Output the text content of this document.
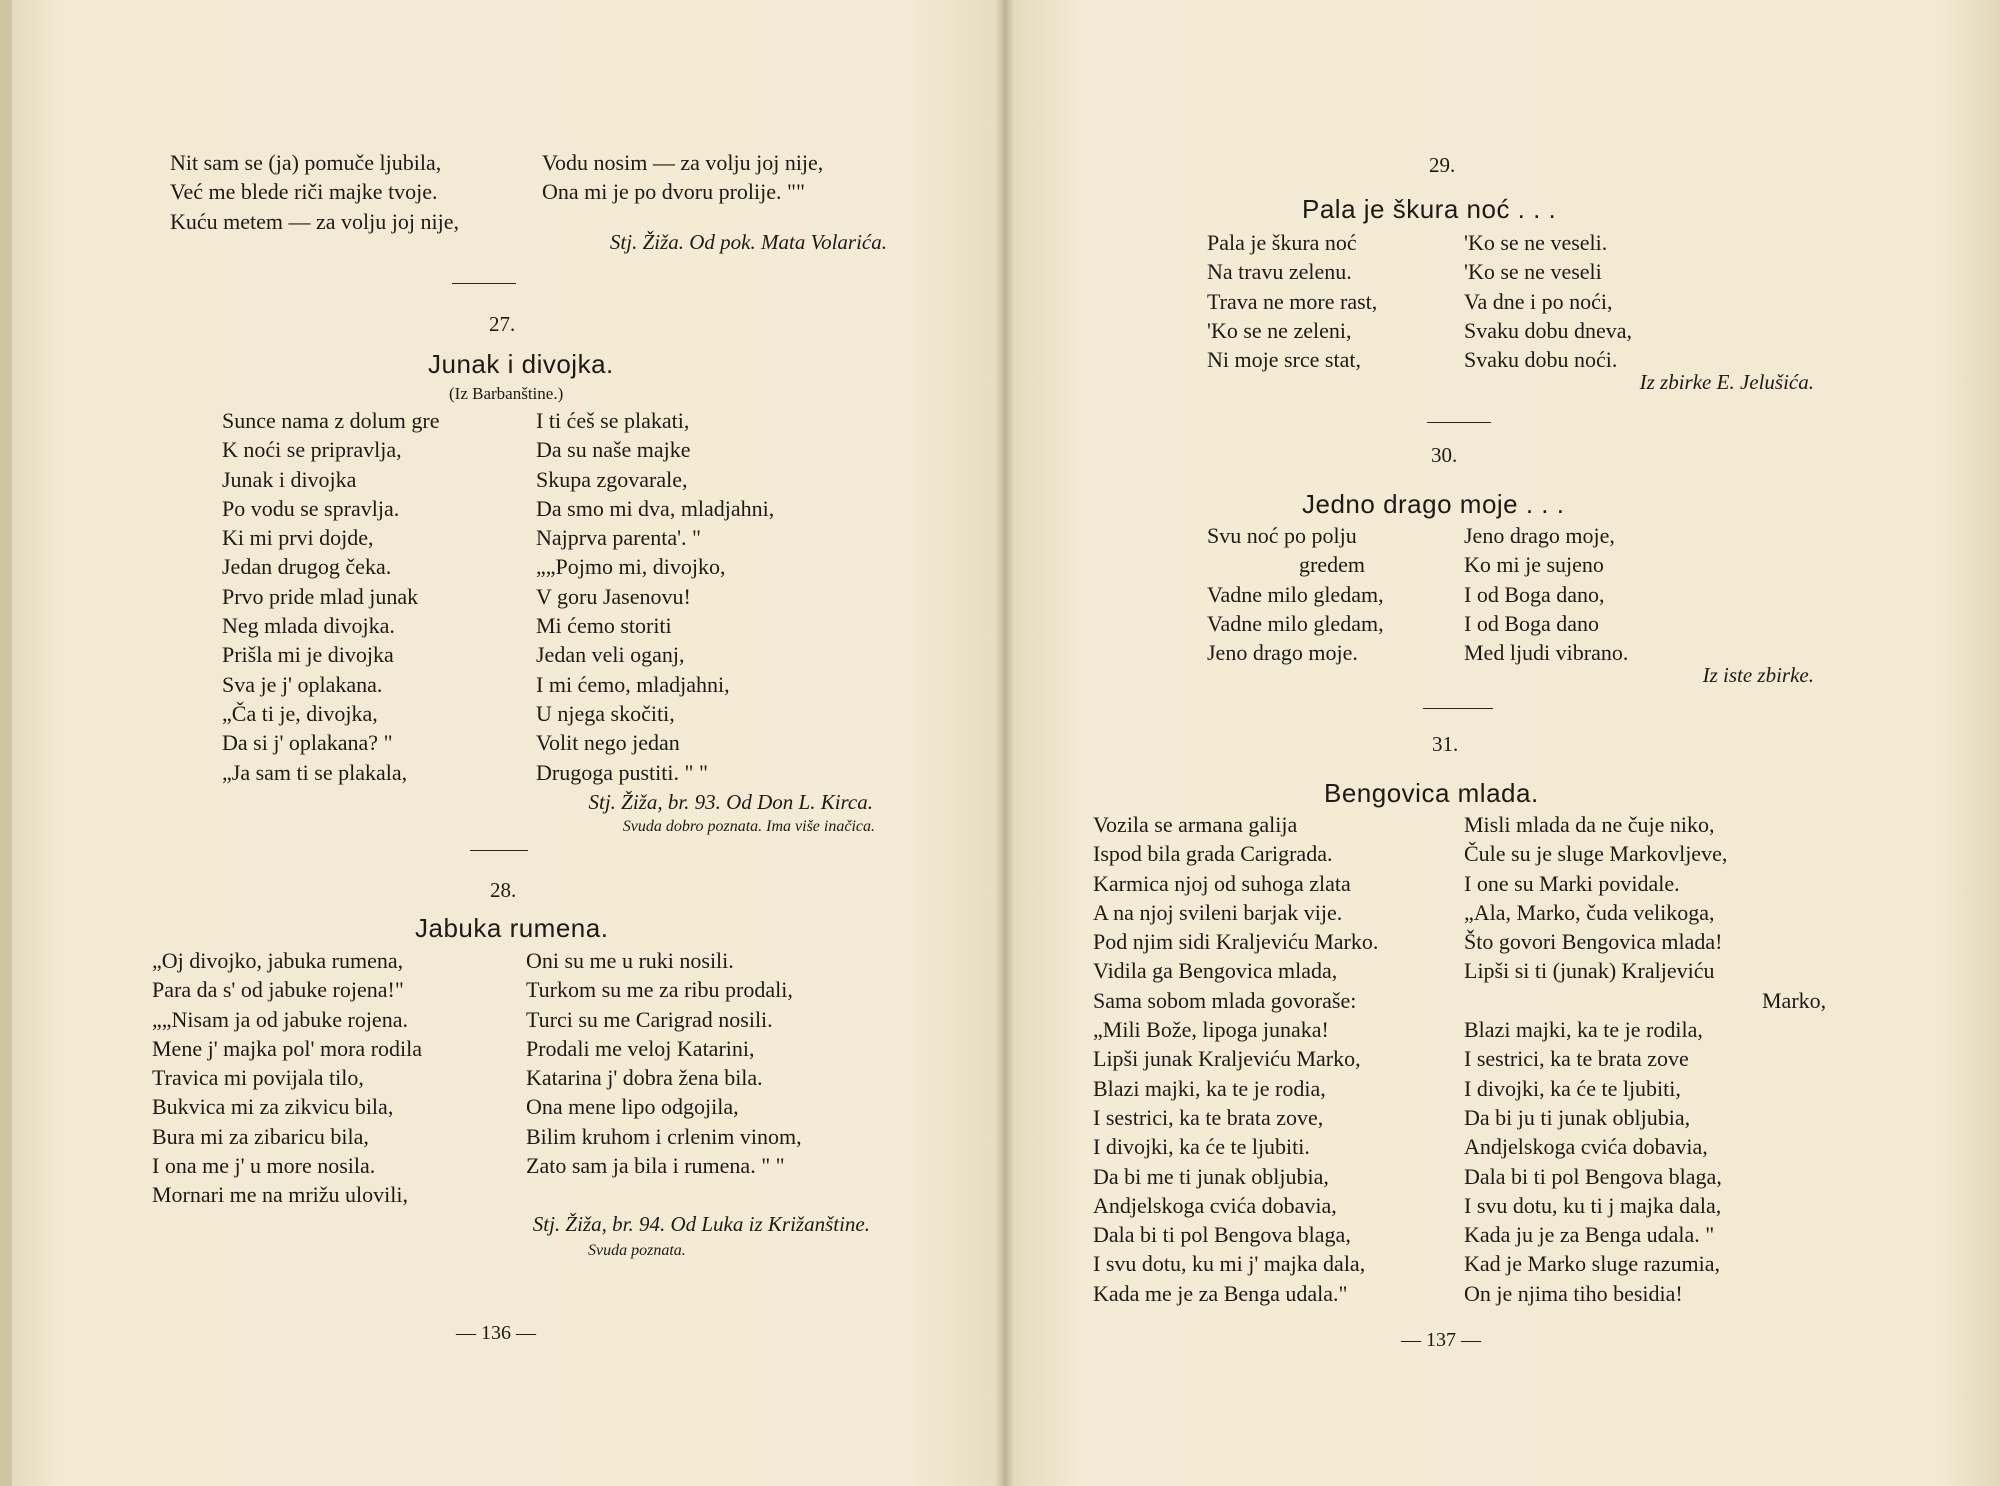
Nit sam se (ja) pomuče ljubila,
Već me blede riči majke tvoje.
Kuću metem — za volju joj nije,
Vodu nosim — za volju joj nije,
Ona mi je po dvoru prolije. ""
Stj. Žiža. Od pok. Mata Volarića.
27.
Junak i divojka.
(Iz Barbanštine.)
Sunce nama z dolum gre
K noći se pripravlja,
Junak i divojka
Po vodu se spravlja.
Ki mi prvi dojde,
Jedan drugog čeka.
Prvo pride mlad junak
Neg mlada divojka.
Prišla mi je divojka
Sva je j' oplakana.
„Ča ti je, divojka,
Da si j' oplakana? "
„Ja sam ti se plakala,
I ti ćeš se plakati,
Da su naše majke
Skupa zgovarale,
Da smo mi dva, mladjahni,
Najprva parenta'. "
„„Pojmo mi, divojko,
V goru Jasenovu!
Mi ćemo storiti
Jedan veli oganj,
I mi ćemo, mladjahni,
U njega skočiti,
Volit nego jedan
Drugoga pustiti. " "
Stj. Žiža, br. 93. Od Don L. Kirca.
Svuda dobro poznata. Ima više inačica.
28.
Jabuka rumena.
„Oj divojko, jabuka rumena,
Para da s' od jabuke rojena!"
„„Nisam ja od jabuke rojena.
Mene j' majka pol' mora rodila
Travica mi povijala tilo,
Bukvica mi za zikvicu bila,
Bura mi za zibaricu bila,
I ona me j' u more nosila.
Mornari me na mrižu ulovili,
Oni su me u ruki nosili.
Turkom su me za ribu prodali,
Turci su me Carigrad nosili.
Prodali me veloj Katarini,
Katarina j' dobra žena bila.
Ona mene lipo odgojila,
Bilim kruhom i crlenim vinom,
Zato sam ja bila i rumena. " "
Stj. Žiža, br. 94. Od Luka iz Križanštine.
Svuda poznata.
— 136 —
29.
Pala je škura noć . . .
Pala je škura noć
Na travu zelenu.
Trava ne more rast,
'Ko se ne zeleni,
Ni moje srce stat,
'Ko se ne veseli.
'Ko se ne veseli
Va dne i po noći,
Svaku dobu dneva,
Svaku dobu noći.
Iz zbirke E. Jelušića.
30.
Jedno drago moje . . .
Svu noć po polju
gredem
Vadne milo gledam,
Vadne milo gledam,
Jeno drago moje.
Jeno drago moje,
Ko mi je sujeno
I od Boga dano,
I od Boga dano
Med ljudi vibrano.
Iz iste zbirke.
31.
Bengovica mlada.
Vozila se armana galija
Ispod bila grada Carigrada.
Karmica njoj od suhoga zlata
A na njoj svileni barjak vije.
Pod njim sidi Kraljeviću Marko.
Vidila ga Bengovica mlada,
Sama sobom mlada govoraše:
„Mili Bože, lipoga junaka!
Lipši junak Kraljeviću Marko,
Blazi majki, ka te je rodia,
I sestrici, ka te brata zove,
I divojki, ka će te ljubiti.
Da bi me ti junak obljubia,
Andjelskoga cvića dobavia,
Dala bi ti pol Bengova blaga,
I svu dotu, ku mi j' majka dala,
Kada me je za Benga udala."
Misli mlada da ne čuje niko,
Čule su je sluge Markovljeve,
I one su Marki povidale.
„Ala, Marko, čuda velikoga,
Što govori Bengovica mlada!
Lipši si ti (junak) Kraljeviću
Marko,
Blazi majki, ka te je rodila,
I sestrici, ka te brata zove
I divojki, ka će te ljubiti,
Da bi ju ti junak obljubia,
Andjelskoga cvića dobavia,
Dala bi ti pol Bengova blaga,
I svu dotu, ku ti j majka dala,
Kada ju je za Benga udala. "
Kad je Marko sluge razumia,
On je njima tiho besidia!
— 137 —
